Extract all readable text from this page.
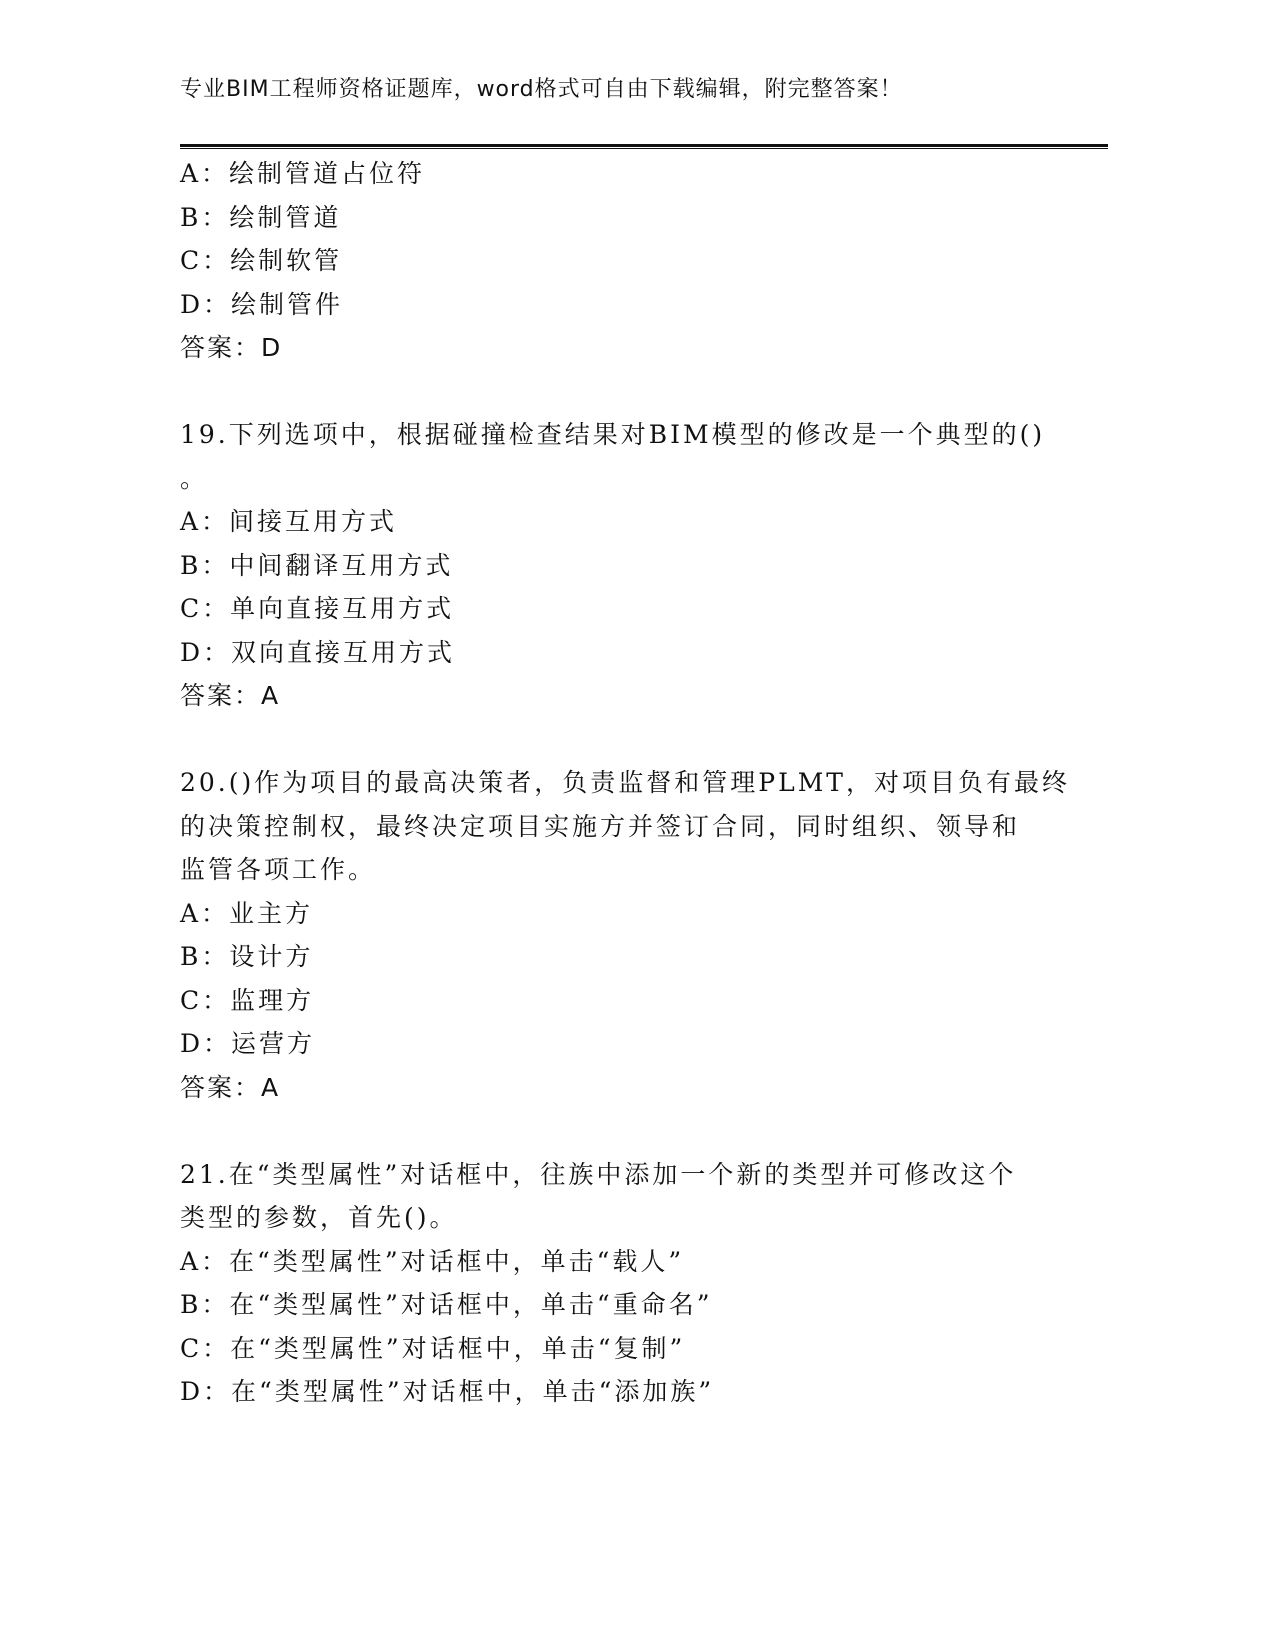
专业BIM工程师资格证题库，word格式可自由下载编辑，附完整答案！
A：绘制管道占位符
B：绘制管道
C：绘制软管
D：绘制管件
答案：D
19.下列选项中，根据碰撞检查结果对BIM模型的修改是一个典型的()
。
A：间接互用方式
B：中间翻译互用方式
C：单向直接互用方式
D：双向直接互用方式
答案：A
20.()作为项目的最高决策者，负责监督和管理PLMT，对项目负有最终
的决策控制权，最终决定项目实施方并签订合同，同时组织、领导和
监管各项工作。
A：业主方
B：设计方
C：监理方
D：运营方
答案：A
21.在“类型属性”对话框中，往族中添加一个新的类型并可修改这个
类型的参数，首先()。
A：在“类型属性”对话框中，单击“载人”
B：在“类型属性”对话框中，单击“重命名”
C：在“类型属性”对话框中，单击“复制”
D：在“类型属性”对话框中，单击“添加族”
